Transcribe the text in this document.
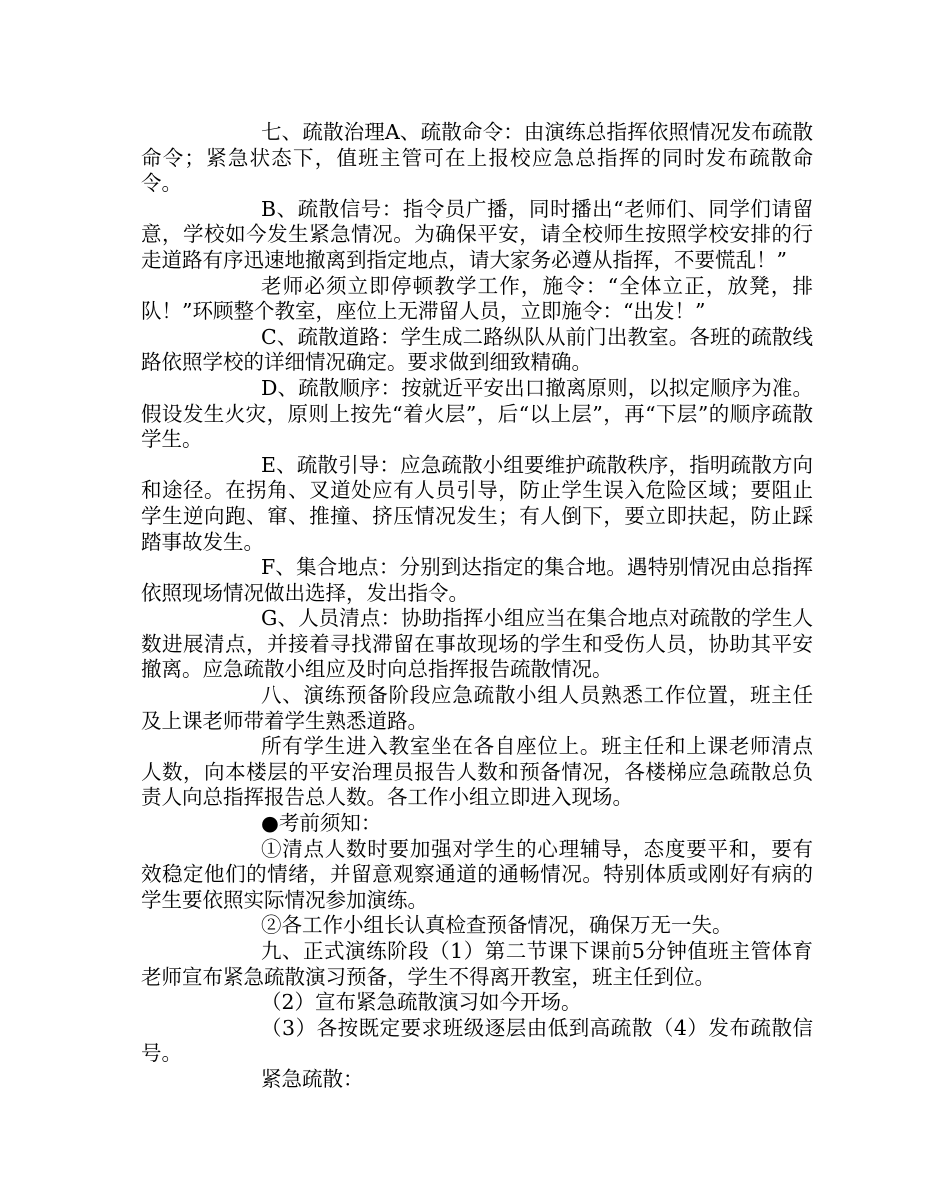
七、疏散治理A、疏散命令：由演练总指挥依照情况发布疏散命令；紧急状态下，值班主管可在上报校应急总指挥的同时发布疏散命令。

B、疏散信号：指令员广播，同时播出“老师们、同学们请留意，学校如今发生紧急情况。为确保平安，请全校师生按照学校安排的行走道路有序迅速地撤离到指定地点，请大家务必遵从指挥，不要慌乱！”

老师必须立即停顿教学工作，施令：“全体立正，放凳，排队！”环顾整个教室，座位上无滞留人员，立即施令：“出发！”

C、疏散道路：学生成二路纵队从前门出教室。各班的疏散线路依照学校的详细情况确定。要求做到细致精确。

D、疏散顺序：按就近平安出口撤离原则，以拟定顺序为准。假设发生火灾，原则上按先“着火层”，后“以上层”，再“下层”的顺序疏散学生。

E、疏散引导：应急疏散小组要维护疏散秩序，指明疏散方向和途径。在拐角、叉道处应有人员引导，防止学生误入危险区域；要阻止学生逆向跑、窜、推撞、挤压情况发生；有人倒下，要立即扶起，防止踩踏事故发生。

F、集合地点：分别到达指定的集合地。遇特别情况由总指挥依照现场情况做出选择，发出指令。

G、人员清点：协助指挥小组应当在集合地点对疏散的学生人数进展清点，并接着寻找滞留在事故现场的学生和受伤人员，协助其平安撤离。应急疏散小组应及时向总指挥报告疏散情况。

八、演练预备阶段应急疏散小组人员熟悉工作位置，班主任及上课老师带着学生熟悉道路。

所有学生进入教室坐在各自座位上。班主任和上课老师清点人数，向本楼层的平安治理员报告人数和预备情况，各楼梯应急疏散总负责人向总指挥报告总人数。各工作小组立即进入现场。

●考前须知：

①清点人数时要加强对学生的心理辅导，态度要平和，要有效稳定他们的情绪，并留意观察通道的通畅情况。特别体质或刚好有病的学生要依照实际情况参加演练。

②各工作小组长认真检查预备情况，确保万无一失。

九、正式演练阶段（1）第二节课下课前5分钟值班主管体育老师宣布紧急疏散演习预备，学生不得离开教室，班主任到位。

（2）宣布紧急疏散演习如今开场。

（3）各按既定要求班级逐层由低到高疏散（4）发布疏散信号。

紧急疏散：
